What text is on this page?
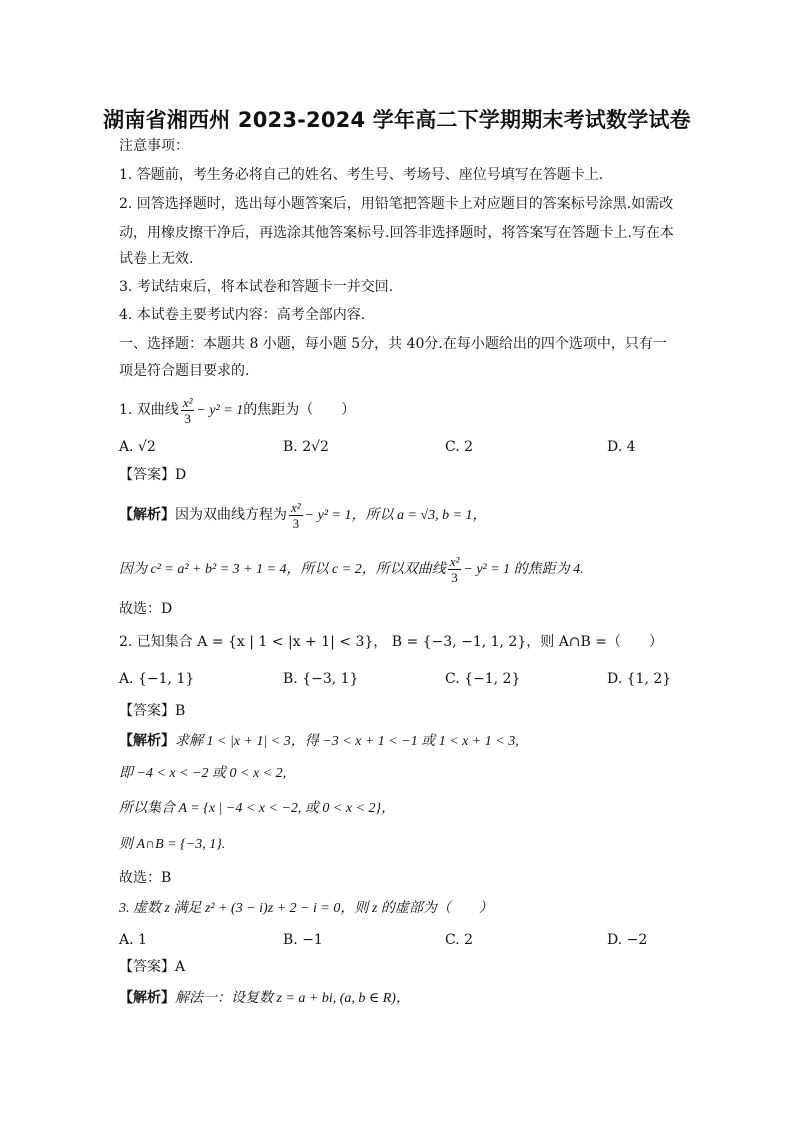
湖南省湘西州 2023-2024 学年高二下学期期末考试数学试卷
注意事项：
1. 答题前，考生务必将自己的姓名、考生号、考场号、座位号填写在答题卡上.
2. 回答选择题时，选出每小题答案后，用铅笔把答题卡上对应题目的答案标号涂黑.如需改
动，用橡皮擦干净后，再选涂其他答案标号.回答非选择题时，将答案写在答题卡上.写在本
试卷上无效.
3. 考试结束后，将本试卷和答题卡一并交回.
4. 本试卷主要考试内容：高考全部内容.
一、选择题：本题共 8 小题，每小题 5分，共 40分.在每小题给出的四个选项中，只有一
项是符合题目要求的.
1. 双曲线 $\frac{\text{x²}}{3} - y^2 = 1$的焦距为（　　）
A. √2	B. 2√2	C. 2	D. 4
【答案】D
【解析】因为双曲线方程为 $\frac{\text{x²}}{3} - y^2 = 1$，所以 a = √3, b = 1，
因为 c² = a² + b² = 3 + 1 = 4，所以 c = 2，所以双曲线 $\frac{\text{x²}}{3} - y^2 = 1$ 的焦距为 4.
故选：D
2. 已知集合 A = {x | 1 < |x + 1| < 3}， B = {−3, −1, 1, 2}，则 A∩B =（　　）
A. {−1, 1}	B. {−3, 1}	C. {−1, 2}	D. {1, 2}
【答案】B
【解析】求解 1 < |x + 1| < 3，得 −3 < x + 1 < −1 或 1 < x + 1 < 3,
即 −4 < x < −2 或 0 < x < 2,
所以集合 A = {x | −4 < x < −2, 或 0 < x < 2}，
则 A∩B = {−3, 1}.
故选：B
3. 虚数 z 满足 z² + (3 − i)z + 2 − i = 0，则 z 的虚部为（　　）
A. 1	B. −1	C. 2	D. −2
【答案】A
【解析】解法一：设复数 z = a + bi, (a, b ∈ R)，
